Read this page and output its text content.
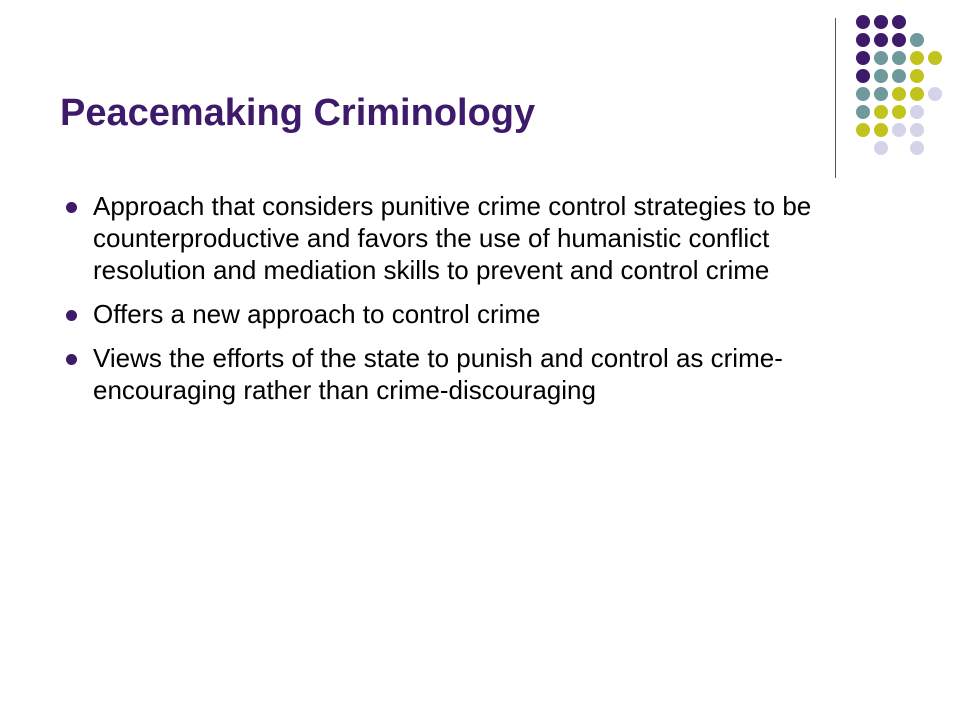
Peacemaking Criminology
Approach that considers punitive crime control strategies to be counterproductive and favors the use of humanistic conflict resolution and mediation skills to prevent and control crime
Offers a new approach to control crime
Views the efforts of the state to punish and control as crime-encouraging rather than crime-discouraging
